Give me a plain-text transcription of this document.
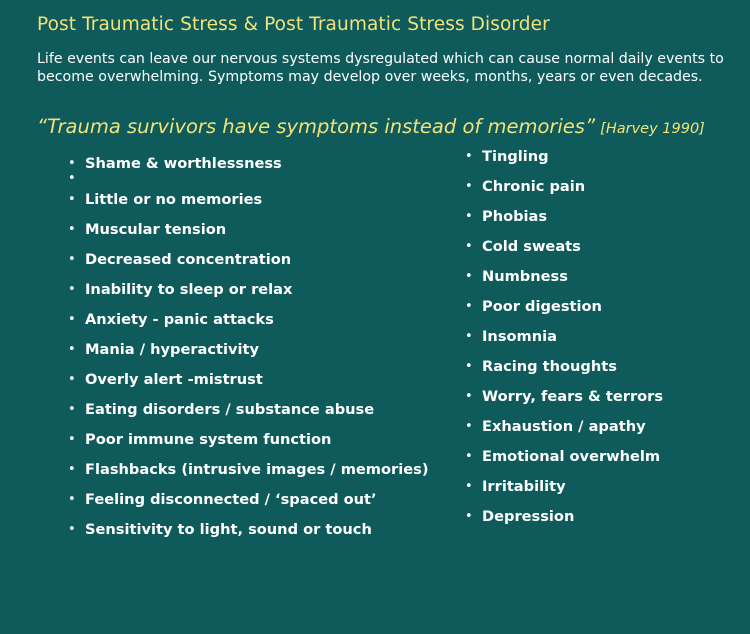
Post Traumatic Stress & Post Traumatic Stress Disorder
Life events can leave our nervous systems dysregulated which can cause normal daily events to become overwhelming. Symptoms may develop over weeks, months, years or even decades.
“Trauma survivors have symptoms instead of memories” [Harvey 1990]
• Shame & worthlessness
•
• Little or no memories
• Muscular tension
• Decreased concentration
• Inability to sleep or relax
• Anxiety - panic attacks
• Mania / hyperactivity
• Overly alert -mistrust
• Eating disorders / substance abuse
• Poor immune system function
• Flashbacks (intrusive images / memories)
• Feeling disconnected / ‘spaced out’
• Sensitivity to light, sound or touch
• Tingling
• Chronic pain
• Phobias
• Cold sweats
• Numbness
• Poor digestion
• Insomnia
• Racing thoughts
• Worry, fears & terrors
• Exhaustion / apathy
• Emotional overwhelm
• Irritability
• Depression
